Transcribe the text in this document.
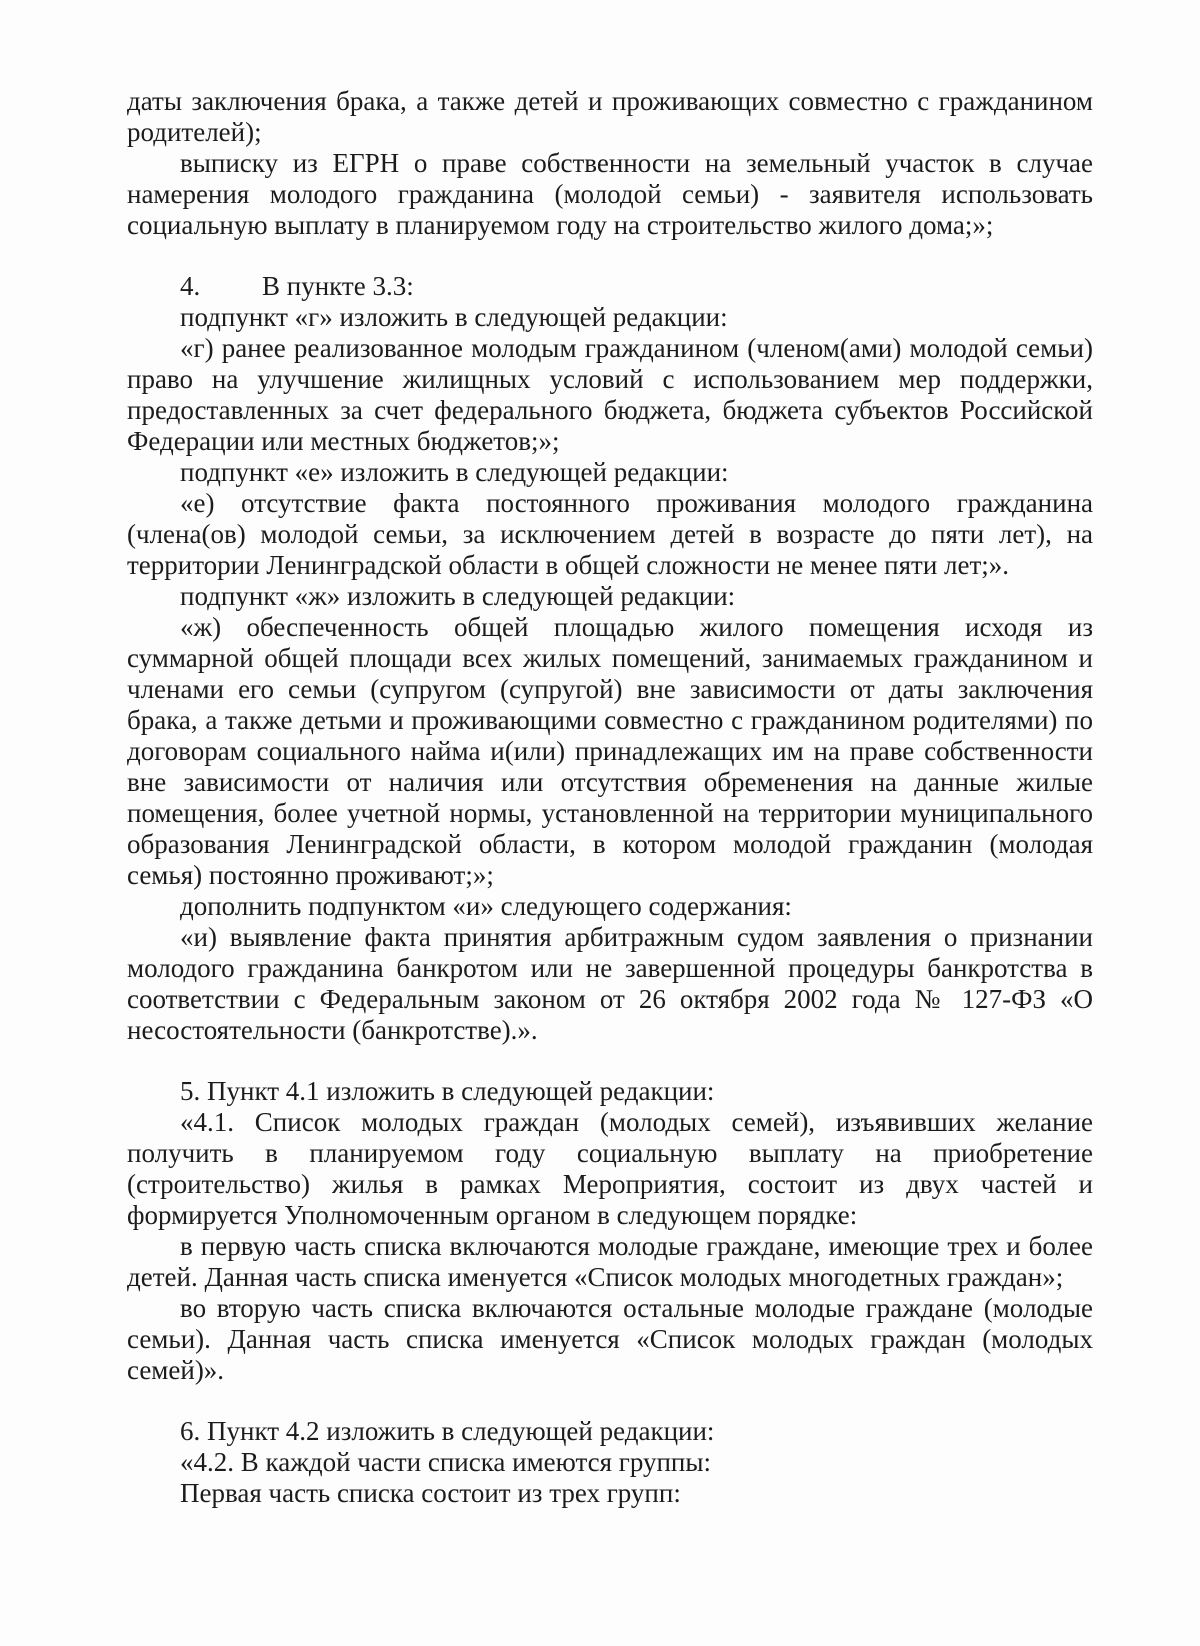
даты заключения брака, а также детей и проживающих совместно с гражданином родителей);

выписку из ЕГРН о праве собственности на земельный участок в случае намерения молодого гражданина (молодой семьи) - заявителя использовать социальную выплату в планируемом году на строительство жилого дома;»;

4. В пункте 3.3:

подпункт «г» изложить в следующей редакции:

«г) ранее реализованное молодым гражданином (членом(ами) молодой семьи) право на улучшение жилищных условий с использованием мер поддержки, предоставленных за счет федерального бюджета, бюджета субъектов Российской Федерации или местных бюджетов;»;

подпункт «е» изложить в следующей редакции:

«е) отсутствие факта постоянного проживания молодого гражданина (члена(ов) молодой семьи, за исключением детей в возрасте до пяти лет), на территории Ленинградской области в общей сложности не менее пяти лет;».

подпункт «ж» изложить в следующей редакции:

«ж) обеспеченность общей площадью жилого помещения исходя из суммарной общей площади всех жилых помещений, занимаемых гражданином и членами его семьи (супругом (супругой) вне зависимости от даты заключения брака, а также детьми и проживающими совместно с гражданином родителями) по договорам социального найма и(или) принадлежащих им на праве собственности вне зависимости от наличия или отсутствия обременения на данные жилые помещения, более учетной нормы, установленной на территории муниципального образования Ленинградской области, в котором молодой гражданин (молодая семья) постоянно проживают;»;

дополнить подпунктом «и» следующего содержания:

«и) выявление факта принятия арбитражным судом заявления о признании молодого гражданина банкротом или не завершенной процедуры банкротства в соответствии с Федеральным законом от 26 октября 2002 года № 127-ФЗ «О несостоятельности (банкротстве).».

5. Пункт 4.1 изложить в следующей редакции:

«4.1. Список молодых граждан (молодых семей), изъявивших желание получить в планируемом году социальную выплату на приобретение (строительство) жилья в рамках Мероприятия, состоит из двух частей и формируется Уполномоченным органом в следующем порядке:

в первую часть списка включаются молодые граждане, имеющие трех и более детей. Данная часть списка именуется «Список молодых многодетных граждан»;

во вторую часть списка включаются остальные молодые граждане (молодые семьи). Данная часть списка именуется «Список молодых граждан (молодых семей)».

6. Пункт 4.2 изложить в следующей редакции:

«4.2. В каждой части списка имеются группы:

Первая часть списка состоит из трех групп:
